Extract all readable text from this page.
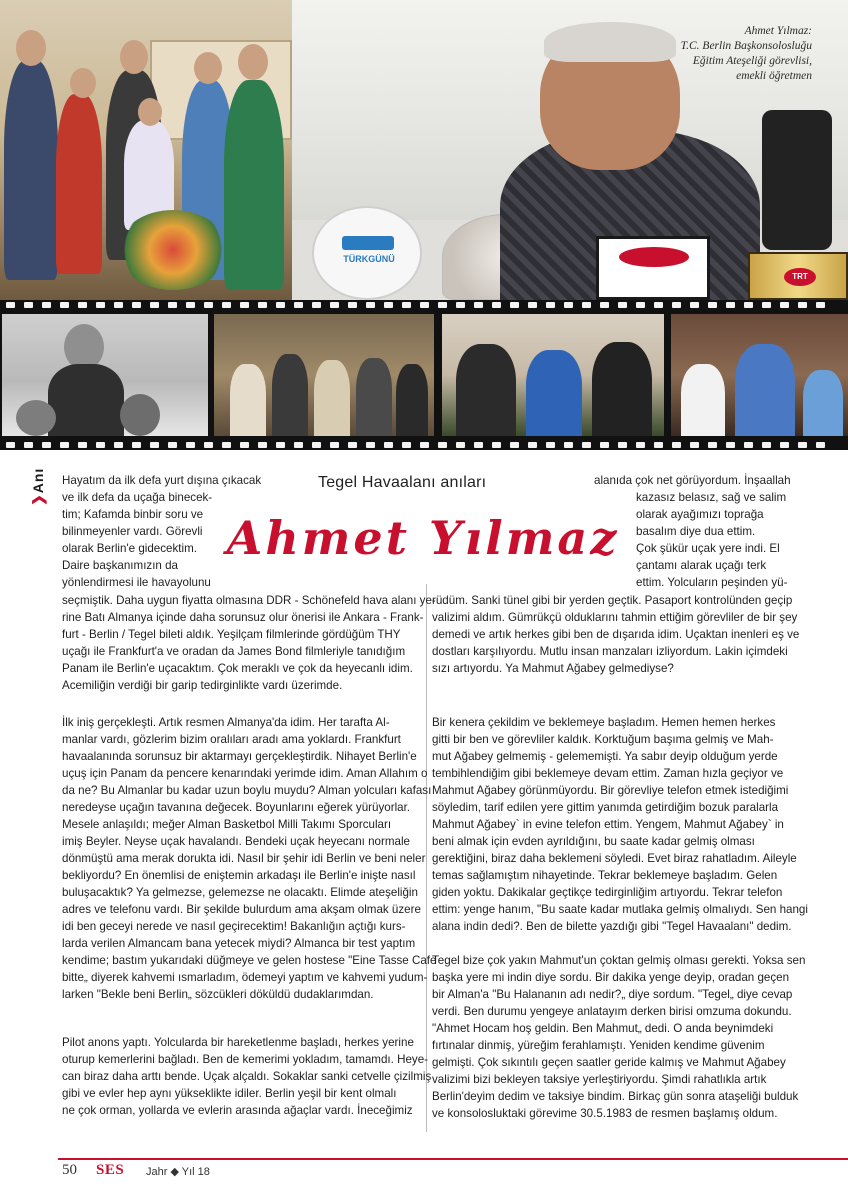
TÜRKGÜNÜ
TRT
Ahmet Yılmaz:
T.C. Berlin Başkonsolosluğu
Eğitim Ateşeliği görevlisi,
emekli öğretmen
❯Anı	Tegel Havaalanı anıları
Ahmet Yılmaz
Hayatım da ilk defa yurt dışına çıkacak
ve ilk defa da uçağa binecek-
tim; Kafamda binbir soru ve
bilinmeyenler vardı. Görevli
olarak Berlin'e gidecektim.
Daire başkanımızın da
yönlendirmesi ile havayolunu
seçmiştik. Daha uygun fiyatta olmasına DDR - Schönefeld hava alanı ye-
rine Batı Almanya içinde daha sorunsuz olur önerisi ile Ankara - Frank-
furt - Berlin / Tegel bileti aldık. Yeşilçam filmlerinde gördüğüm THY
uçağı ile Frankfurt'a ve oradan da James Bond filmleriyle tanıdığım
Panam ile Berlin'e uçacaktım. Çok meraklı ve çok da heyecanlı idim.
Acemiliğin verdiği bir garip tedirginlikte vardı üzerimde.
İlk iniş gerçekleşti. Artık resmen Almanya'da idim. Her tarafta Al-
manlar vardı, gözlerim bizim oralıları aradı ama yoklardı. Frankfurt
havaalanında sorunsuz bir aktarmayı gerçekleştirdik. Nihayet Berlin'e
uçuş için Panam da pencere kenarındaki yerimde idim. Aman Allahım o
da ne? Bu Almanlar bu kadar uzun boylu muydu? Alman yolcuları kafası
neredeyse uçağın tavanına değecek. Boyunlarını eğerek yürüyorlar.
Mesele anlaşıldı; meğer Alman Basketbol Milli Takımı Sporcuları
imiş Beyler. Neyse uçak havalandı. Bendeki uçak heyecanı normale
dönmüştü ama merak dorukta idi. Nasıl bir şehir idi Berlin ve beni neler
bekliyordu? En önemlisi de eniştemin arkadaşı ile Berlin'e inişte nasıl
buluşacaktık? Ya gelmezse, gelemezse ne olacaktı. Elimde ateşeliğin
adres ve telefonu vardı. Bir şekilde bulurdum ama akşam olmak üzere
idi ben geceyi nerede ve nasıl geçirecektim! Bakanlığın açtığı kurs-
larda verilen Almancam bana yetecek miydi? Almanca bir test yaptım
kendime; bastım yukarıdaki düğmeye ve gelen hostese "Eine Tasse Cafe
bitte„ diyerek kahvemi ısmarladım, ödemeyi yaptım ve kahvemi yudum-
larken "Bekle beni Berlin„ sözcükleri döküldü dudaklarımdan.
Pilot anons yaptı. Yolcularda bir hareketlenme başladı, herkes yerine
oturup kemerlerini bağladı. Ben de kemerimi yokladım, tamamdı. Heye-
can biraz daha arttı bende. Uçak alçaldı. Sokaklar sanki cetvelle çizilmiş
gibi ve evler hep aynı yükseklikte idiler. Berlin yeşil bir kent olmalı
ne çok orman, yollarda ve evlerin arasında ağaçlar vardı. İneceğimiz
alanıda çok net görüyordum. İnşaallah
kazasız belasız, sağ ve salim
olarak ayağımızı toprağa
basalım diye dua ettim.
Çok şükür uçak yere indi. El
çantamı alarak uçağı terk
ettim. Yolcuların peşinden yü-
rüdüm. Sanki tünel gibi bir yerden geçtik. Pasaport kontrolünden geçip
valizimi aldım. Gümrükçü olduklarını tahmin ettiğim görevliler de bir şey
demedi ve artık herkes gibi ben de dışarıda idim. Uçaktan inenleri eş ve
dostları karşılıyordu. Mutlu insan manzaları izliyordum. Lakin içimdeki
sızı artıyordu. Ya Mahmut Ağabey gelmediyse?
Bir kenera çekildim ve beklemeye başladım. Hemen hemen herkes
gitti bir ben ve görevliler kaldık. Korktuğum başıma gelmiş ve Mah-
mut Ağabey gelmemiş - gelememişti. Ya sabır deyip olduğum yerde
tembihlendiğim gibi beklemeye devam ettim. Zaman hızla geçiyor ve
Mahmut Ağabey görünmüyordu. Bir görevliye telefon etmek istediğimi
söyledim, tarif edilen yere gittim yanımda getirdiğim bozuk paralarla
Mahmut Ağabey` in evine telefon ettim. Yengem, Mahmut Ağabey` in
beni almak için evden ayrıldığını, bu saate kadar gelmiş olması
gerektiğini, biraz daha beklemeni söyledi. Evet biraz rahatladım. Aileyle
temas sağlamıştım nihayetinde. Tekrar beklemeye başladım. Gelen
giden yoktu. Dakikalar geçtikçe tedirginliğim artıyordu. Tekrar telefon
ettim: yenge hanım, "Bu saate kadar mutlaka gelmiş olmalıydı. Sen hangi
alana indin dedi?. Ben de bilette yazdığı gibi "Tegel Havaalanı" dedim.
Tegel bize çok yakın Mahmut'un çoktan gelmiş olması gerekti. Yoksa sen
başka yere mi indin diye sordu. Bir dakika yenge deyip, oradan geçen
bir Alman'a "Bu Halananın adı nedir?„ diye sordum. "Tegel„ diye cevap
verdi. Ben durumu yengeye anlatayım derken birisi omzuma dokundu.
"Ahmet Hocam hoş geldin. Ben Mahmut„ dedi. O anda beynimdeki
fırtınalar dinmiş, yüreğim ferahlamıştı. Yeniden kendime güvenim
gelmişti. Çok sıkıntılı geçen saatler geride kalmış ve Mahmut Ağabey
valizimi bizi bekleyen taksiye yerleştiriyordu. Şimdi rahatlıkla artık
Berlin'deyim dedim ve taksiye bindim. Birkaç gün sonra ataşeliği bulduk
ve konsolosluktaki görevime 30.5.1983 de resmen başlamış oldum.
50 SES Jahr ◆ Yıl 18
